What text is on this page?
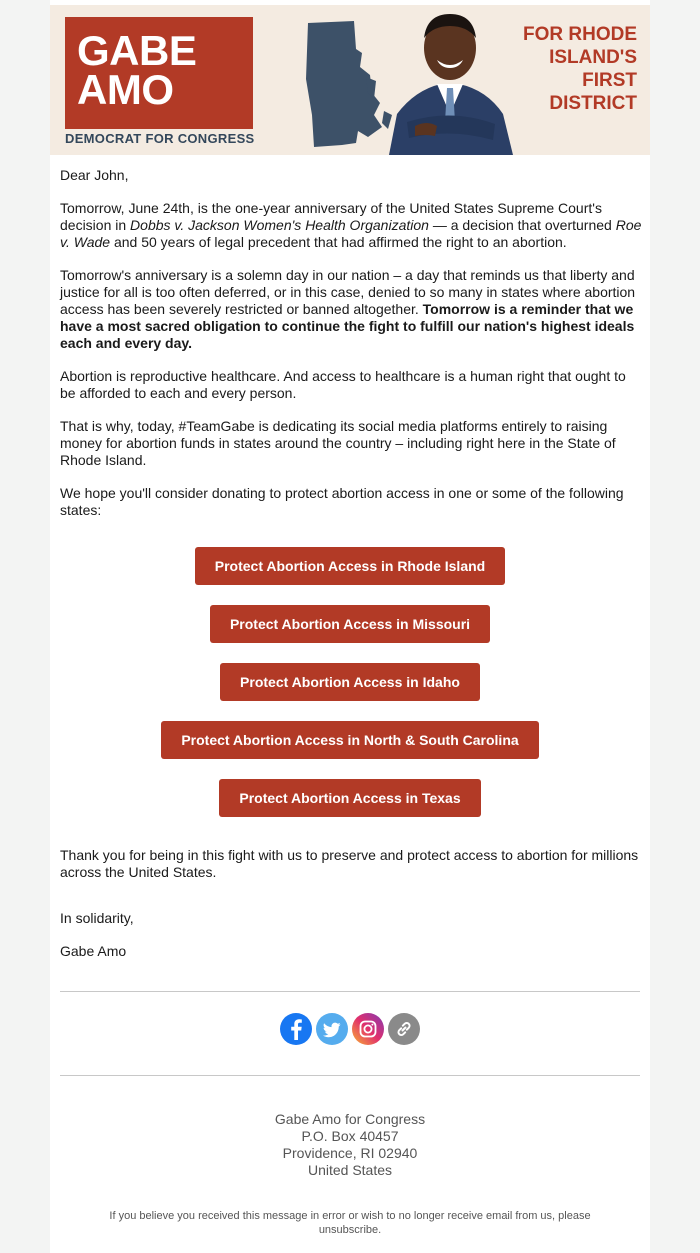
GABE AMO
DEMOCRAT FOR CONGRESS
FOR RHODE ISLAND'S FIRST DISTRICT

Dear John,

Tomorrow, June 24th, is the one-year anniversary of the United States Supreme Court's decision in Dobbs v. Jackson Women's Health Organization — a decision that overturned Roe v. Wade and 50 years of legal precedent that had affirmed the right to an abortion.

Tomorrow's anniversary is a solemn day in our nation – a day that reminds us that liberty and justice for all is too often deferred, or in this case, denied to so many in states where abortion access has been severely restricted or banned altogether. Tomorrow is a reminder that we have a most sacred obligation to continue the fight to fulfill our nation's highest ideals each and every day.

Abortion is reproductive healthcare. And access to healthcare is a human right that ought to be afforded to each and every person.

That is why, today, #TeamGabe is dedicating its social media platforms entirely to raising money for abortion funds in states around the country – including right here in the State of Rhode Island.

We hope you'll consider donating to protect abortion access in one or some of the following states:

Protect Abortion Access in Rhode Island
Protect Abortion Access in Missouri
Protect Abortion Access in Idaho
Protect Abortion Access in North & South Carolina
Protect Abortion Access in Texas

Thank you for being in this fight with us to preserve and protect access to abortion for millions across the United States.

In solidarity,

Gabe Amo

Gabe Amo for Congress
P.O. Box 40457
Providence, RI 02940
United States
If you believe you received this message in error or wish to no longer receive email from us, please unsubscribe.
